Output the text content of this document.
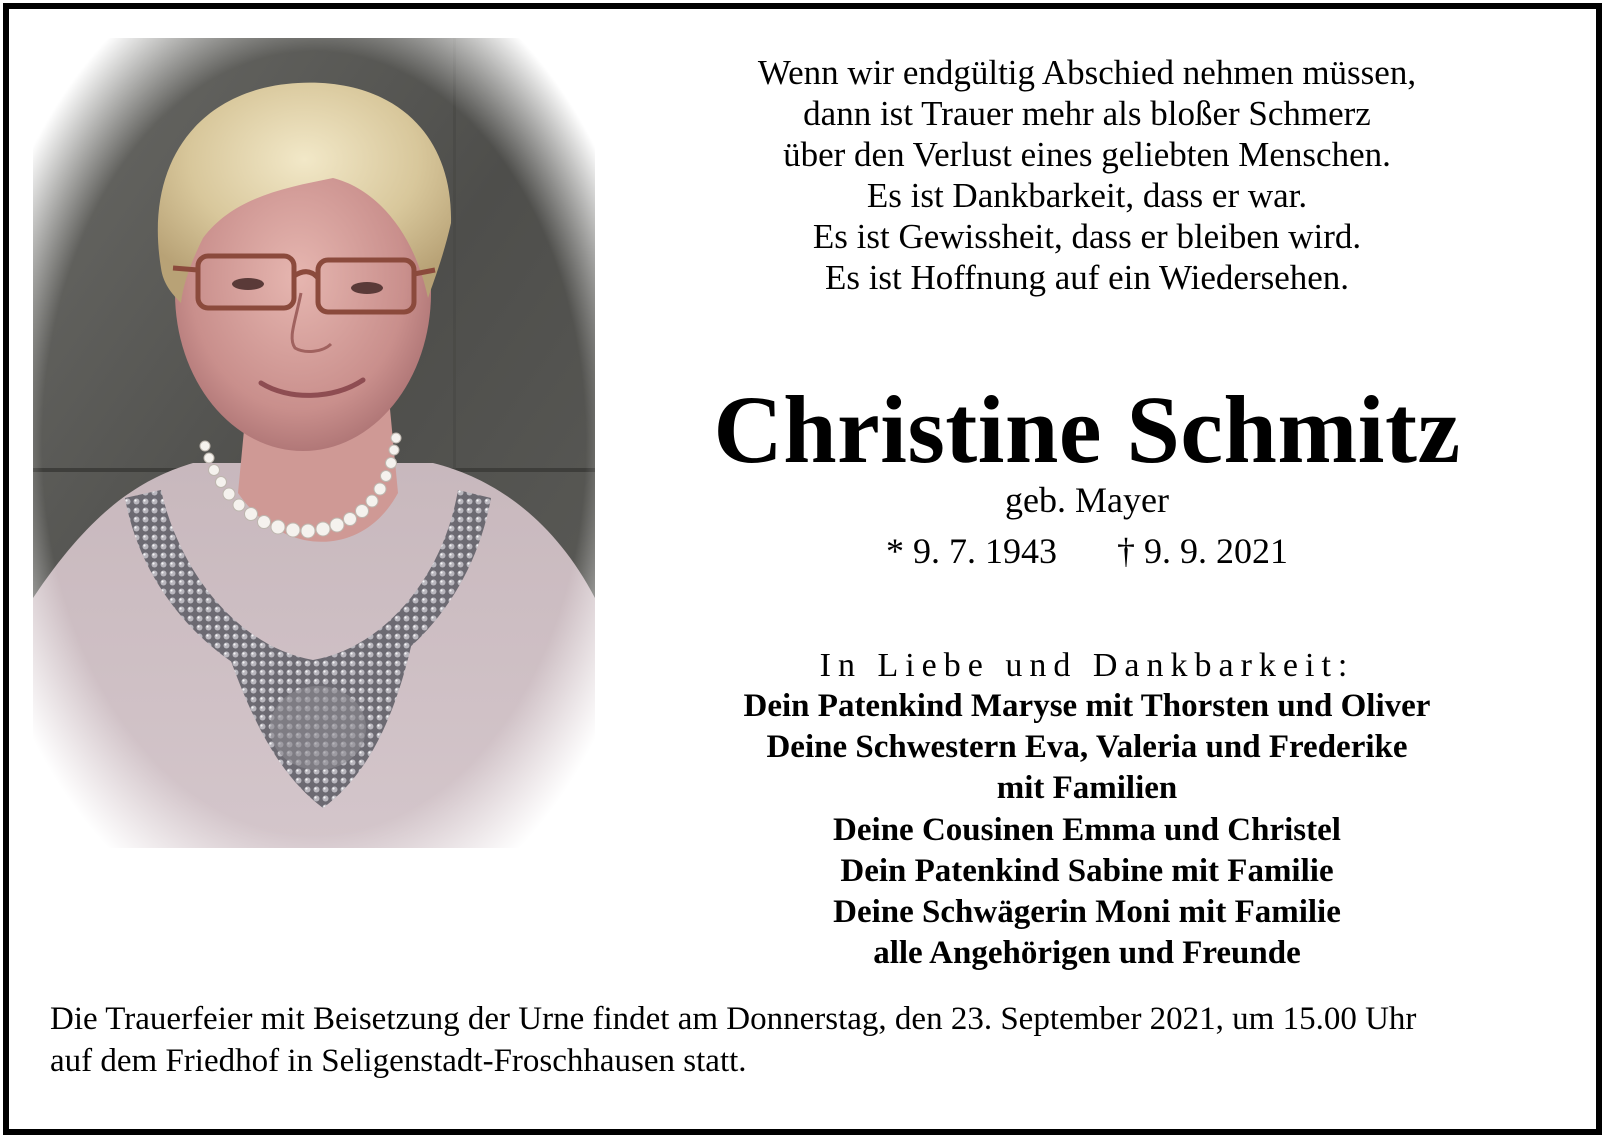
Wenn wir endgültig Abschied nehmen müssen,
dann ist Trauer mehr als bloßer Schmerz
über den Verlust eines geliebten Menschen.
Es ist Dankbarkeit, dass er war.
Es ist Gewissheit, dass er bleiben wird.
Es ist Hoffnung auf ein Wiedersehen.
Christine Schmitz
geb. Mayer
* 9. 7. 1943 † 9. 9. 2021
In Liebe und Dankbarkeit:
Dein Patenkind Maryse mit Thorsten und Oliver
Deine Schwestern Eva, Valeria und Frederike
mit Familien
Deine Cousinen Emma und Christel
Dein Patenkind Sabine mit Familie
Deine Schwägerin Moni mit Familie
alle Angehörigen und Freunde
Die Trauerfeier mit Beisetzung der Urne findet am Donnerstag, den 23. September 2021, um 15.00 Uhr
auf dem Friedhof in Seligenstadt-Froschhausen statt.
